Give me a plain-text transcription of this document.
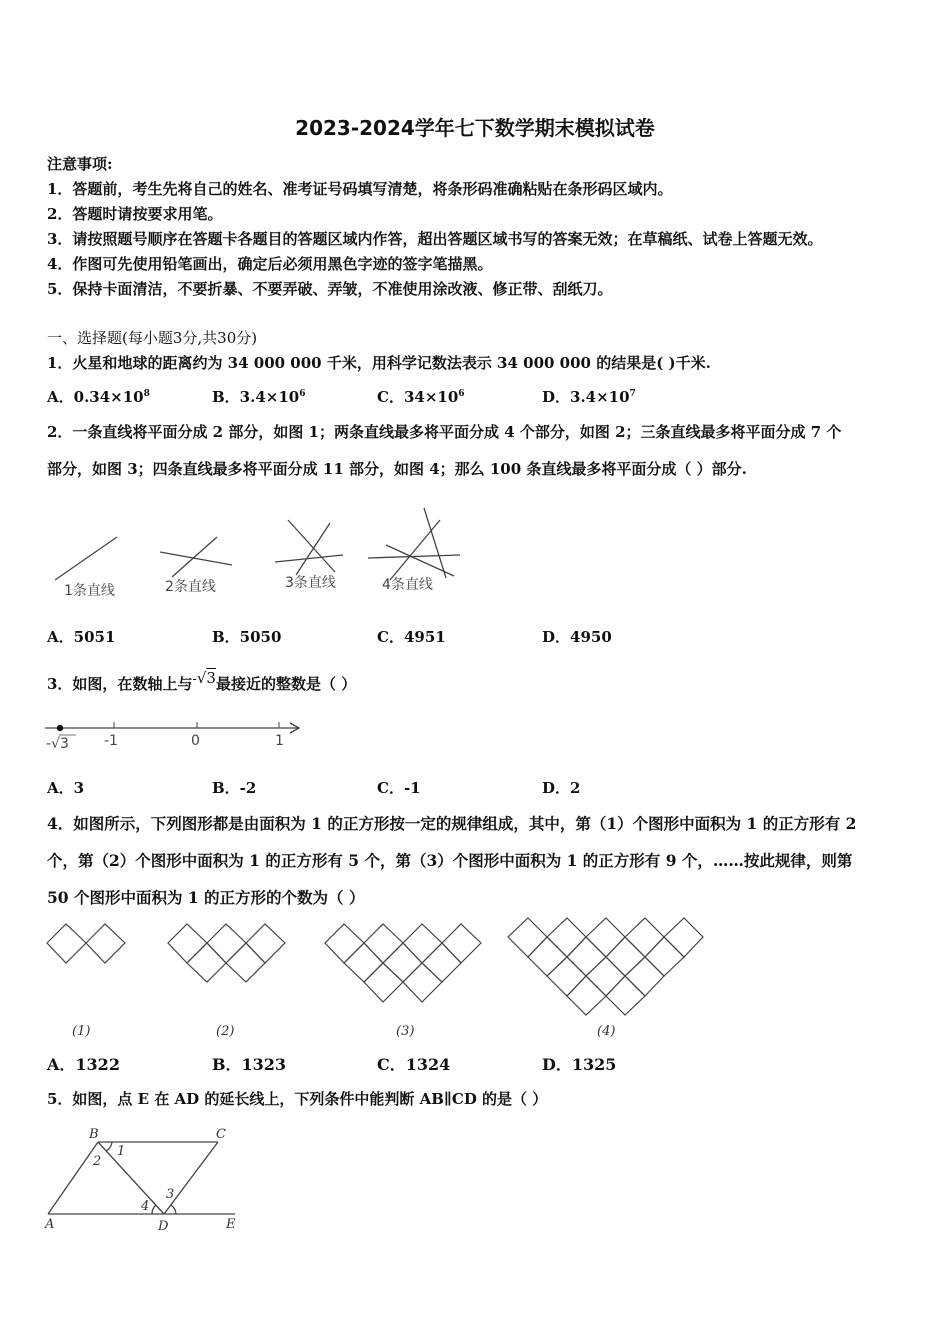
2023-2024学年七下数学期末模拟试卷
注意事项:
1．答题前，考生先将自己的姓名、准考证号码填写清楚，将条形码准确粘贴在条形码区域内。
2．答题时请按要求用笔。
3．请按照题号顺序在答题卡各题目的答题区域内作答，超出答题区域书写的答案无效；在草稿纸、试卷上答题无效。
4．作图可先使用铅笔画出，确定后必须用黑色字迹的签字笔描黑。
5．保持卡面清洁，不要折暴、不要弄破、弄皱，不准使用涂改液、修正带、刮纸刀。
一、选择题(每小题3分,共30分)
1．火星和地球的距离约为 34 000 000 千米，用科学记数法表示 34 000 000 的结果是( )千米.
A．$0.34\times 10^8$	B．$3.4\times 10^6$	C．$34\times 10^6$	D．$3.4\times 10^7$
2．一条直线将平面分成 2 部分，如图 1；两条直线最多将平面分成 4 个部分，如图 2；三条直线最多将平面分成 7 个
部分，如图 3；四条直线最多将平面分成 11 部分，如图 4；那么 100 条直线最多将平面分成（ ）部分.
1条直线	2条直线	3条直线	4条直线
A．5051	B．5050	C．4951	D．4950
3．如图，在数轴上与-√3最接近的整数是（ ）
-√3	-1	0	1
A．3	B．-2	C．-1	D．2
4．如图所示，下列图形都是由面积为 1 的正方形按一定的规律组成，其中，第（1）个图形中面积为 1 的正方形有 2
个，第（2）个图形中面积为 1 的正方形有 5 个，第（3）个图形中面积为 1 的正方形有 9 个，……按此规律，则第
50 个图形中面积为 1 的正方形的个数为（ ）
(1)	(2)	(3)	(4)
A．1322	B．1323	C．1324	D．1325
5．如图，点 E 在 AD 的延长线上，下列条件中能判断 AB∥CD 的是（ ）
B	C
A	D	E
1
2
3
4
